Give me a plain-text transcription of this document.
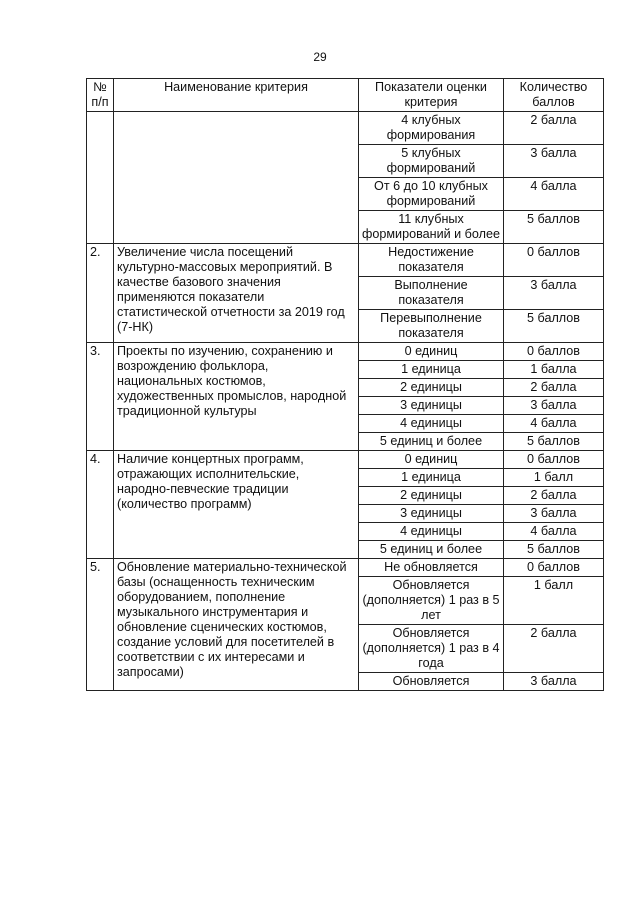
29
№ п/п	Наименование критерия	Показатели оценки критерия	Количество баллов
		4 клубных формирования	2 балла
		5 клубных формирований	3 балла
		От 6 до 10 клубных формирований	4 балла
		11 клубных формирований и более	5 баллов
2.	Увеличение числа посещений культурно-массовых мероприятий. В качестве базового значения применяются показатели статистической отчетности за 2019 год (7-НК)	Недостижение показателя	0 баллов
		Выполнение показателя	3 балла
		Перевыполнение показателя	5 баллов
3.	Проекты по изучению, сохранению и возрождению фольклора, национальных костюмов, художественных промыслов, народной традиционной культуры	0 единиц	0 баллов
		1 единица	1 балла
		2 единицы	2 балла
		3 единицы	3 балла
		4 единицы	4 балла
		5 единиц и более	5 баллов
4.	Наличие концертных программ, отражающих исполнительские, народно-певческие традиции (количество программ)	0 единиц	0 баллов
		1 единица	1 балл
		2 единицы	2 балла
		3 единицы	3 балла
		4 единицы	4 балла
		5 единиц и более	5 баллов
5.	Обновление материально-технической базы (оснащенность техническим оборудованием, пополнение музыкального инструментария и обновление сценических костюмов, создание условий для посетителей в соответствии с их интересами и запросами)	Не обновляется	0 баллов
		Обновляется (дополняется) 1 раз в 5 лет	1 балл
		Обновляется (дополняется) 1 раз в 4 года	2 балла
		Обновляется	3 балла
